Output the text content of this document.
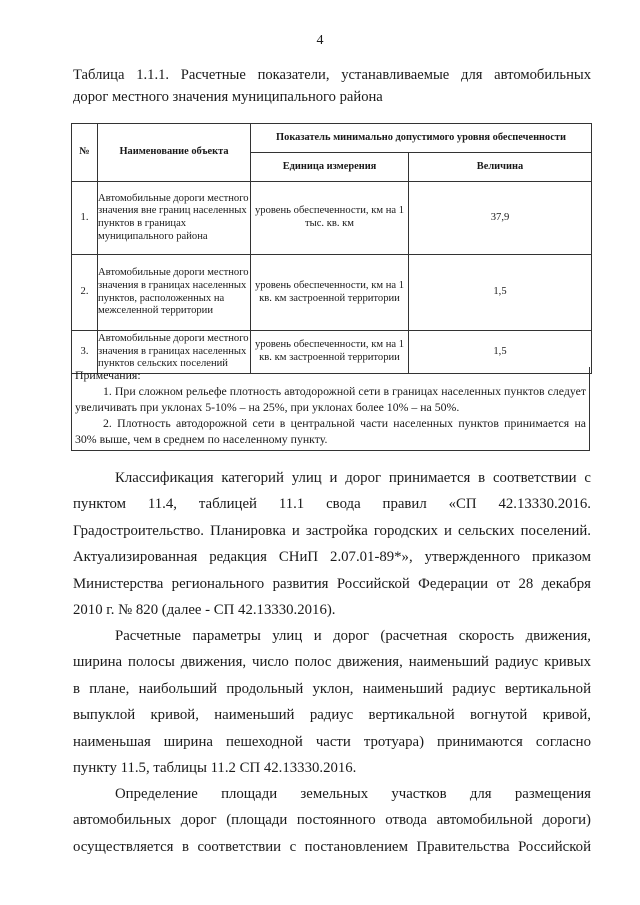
4
Таблица 1.1.1. Расчетные показатели, устанавливаемые для автомобильных
дорог местного значения муниципального района
№	Наименование объекта	Показатель минимально допустимого уровня обеспеченности	
		Единица измерения	Величина
1.	Автомобильные дороги местного значения вне границ населенных пунктов в границах муниципального района	уровень обеспеченности, км на 1 тыс. кв. км	37,9
2.	Автомобильные дороги местного значения в границах населенных пунктов, расположенных на межселенной территории	уровень обеспеченности, км на 1 кв. км застроенной территории	1,5
3.	Автомобильные дороги местного значения в границах населенных пунктов сельских поселений	уровень обеспеченности, км на 1 кв. км застроенной территории	1,5
Примечания:
1. При сложном рельефе плотность автодорожной сети в границах населенных пунктов следует увеличивать при уклонах 5-10% – на 25%, при уклонах более 10% – на 50%.
2. Плотность автодорожной сети в центральной части населенных пунктов принимается на 30% выше, чем в среднем по населенному пункту.
Классификация категорий улиц и дорог принимается в соответствии с
пунктом 11.4, таблицей 11.1 свода правил «СП 42.13330.2016.
Градостроительство. Планировка и застройка городских и сельских поселений.
Актуализированная редакция СНиП 2.07.01-89*», утвержденного приказом
Министерства регионального развития Российской Федерации от 28 декабря
2010 г. № 820 (далее - СП 42.13330.2016).
Расчетные параметры улиц и дорог (расчетная скорость движения,
ширина полосы движения, число полос движения, наименьший радиус кривых
в плане, наибольший продольный уклон, наименьший радиус вертикальной
выпуклой кривой, наименьший радиус вертикальной вогнутой кривой,
наименьшая ширина пешеходной части тротуара) принимаются согласно
пункту 11.5, таблицы 11.2 СП 42.13330.2016.
Определение площади земельных участков для размещения
автомобильных дорог (площади постоянного отвода автомобильной дороги)
осуществляется в соответствии с постановлением Правительства Российской
